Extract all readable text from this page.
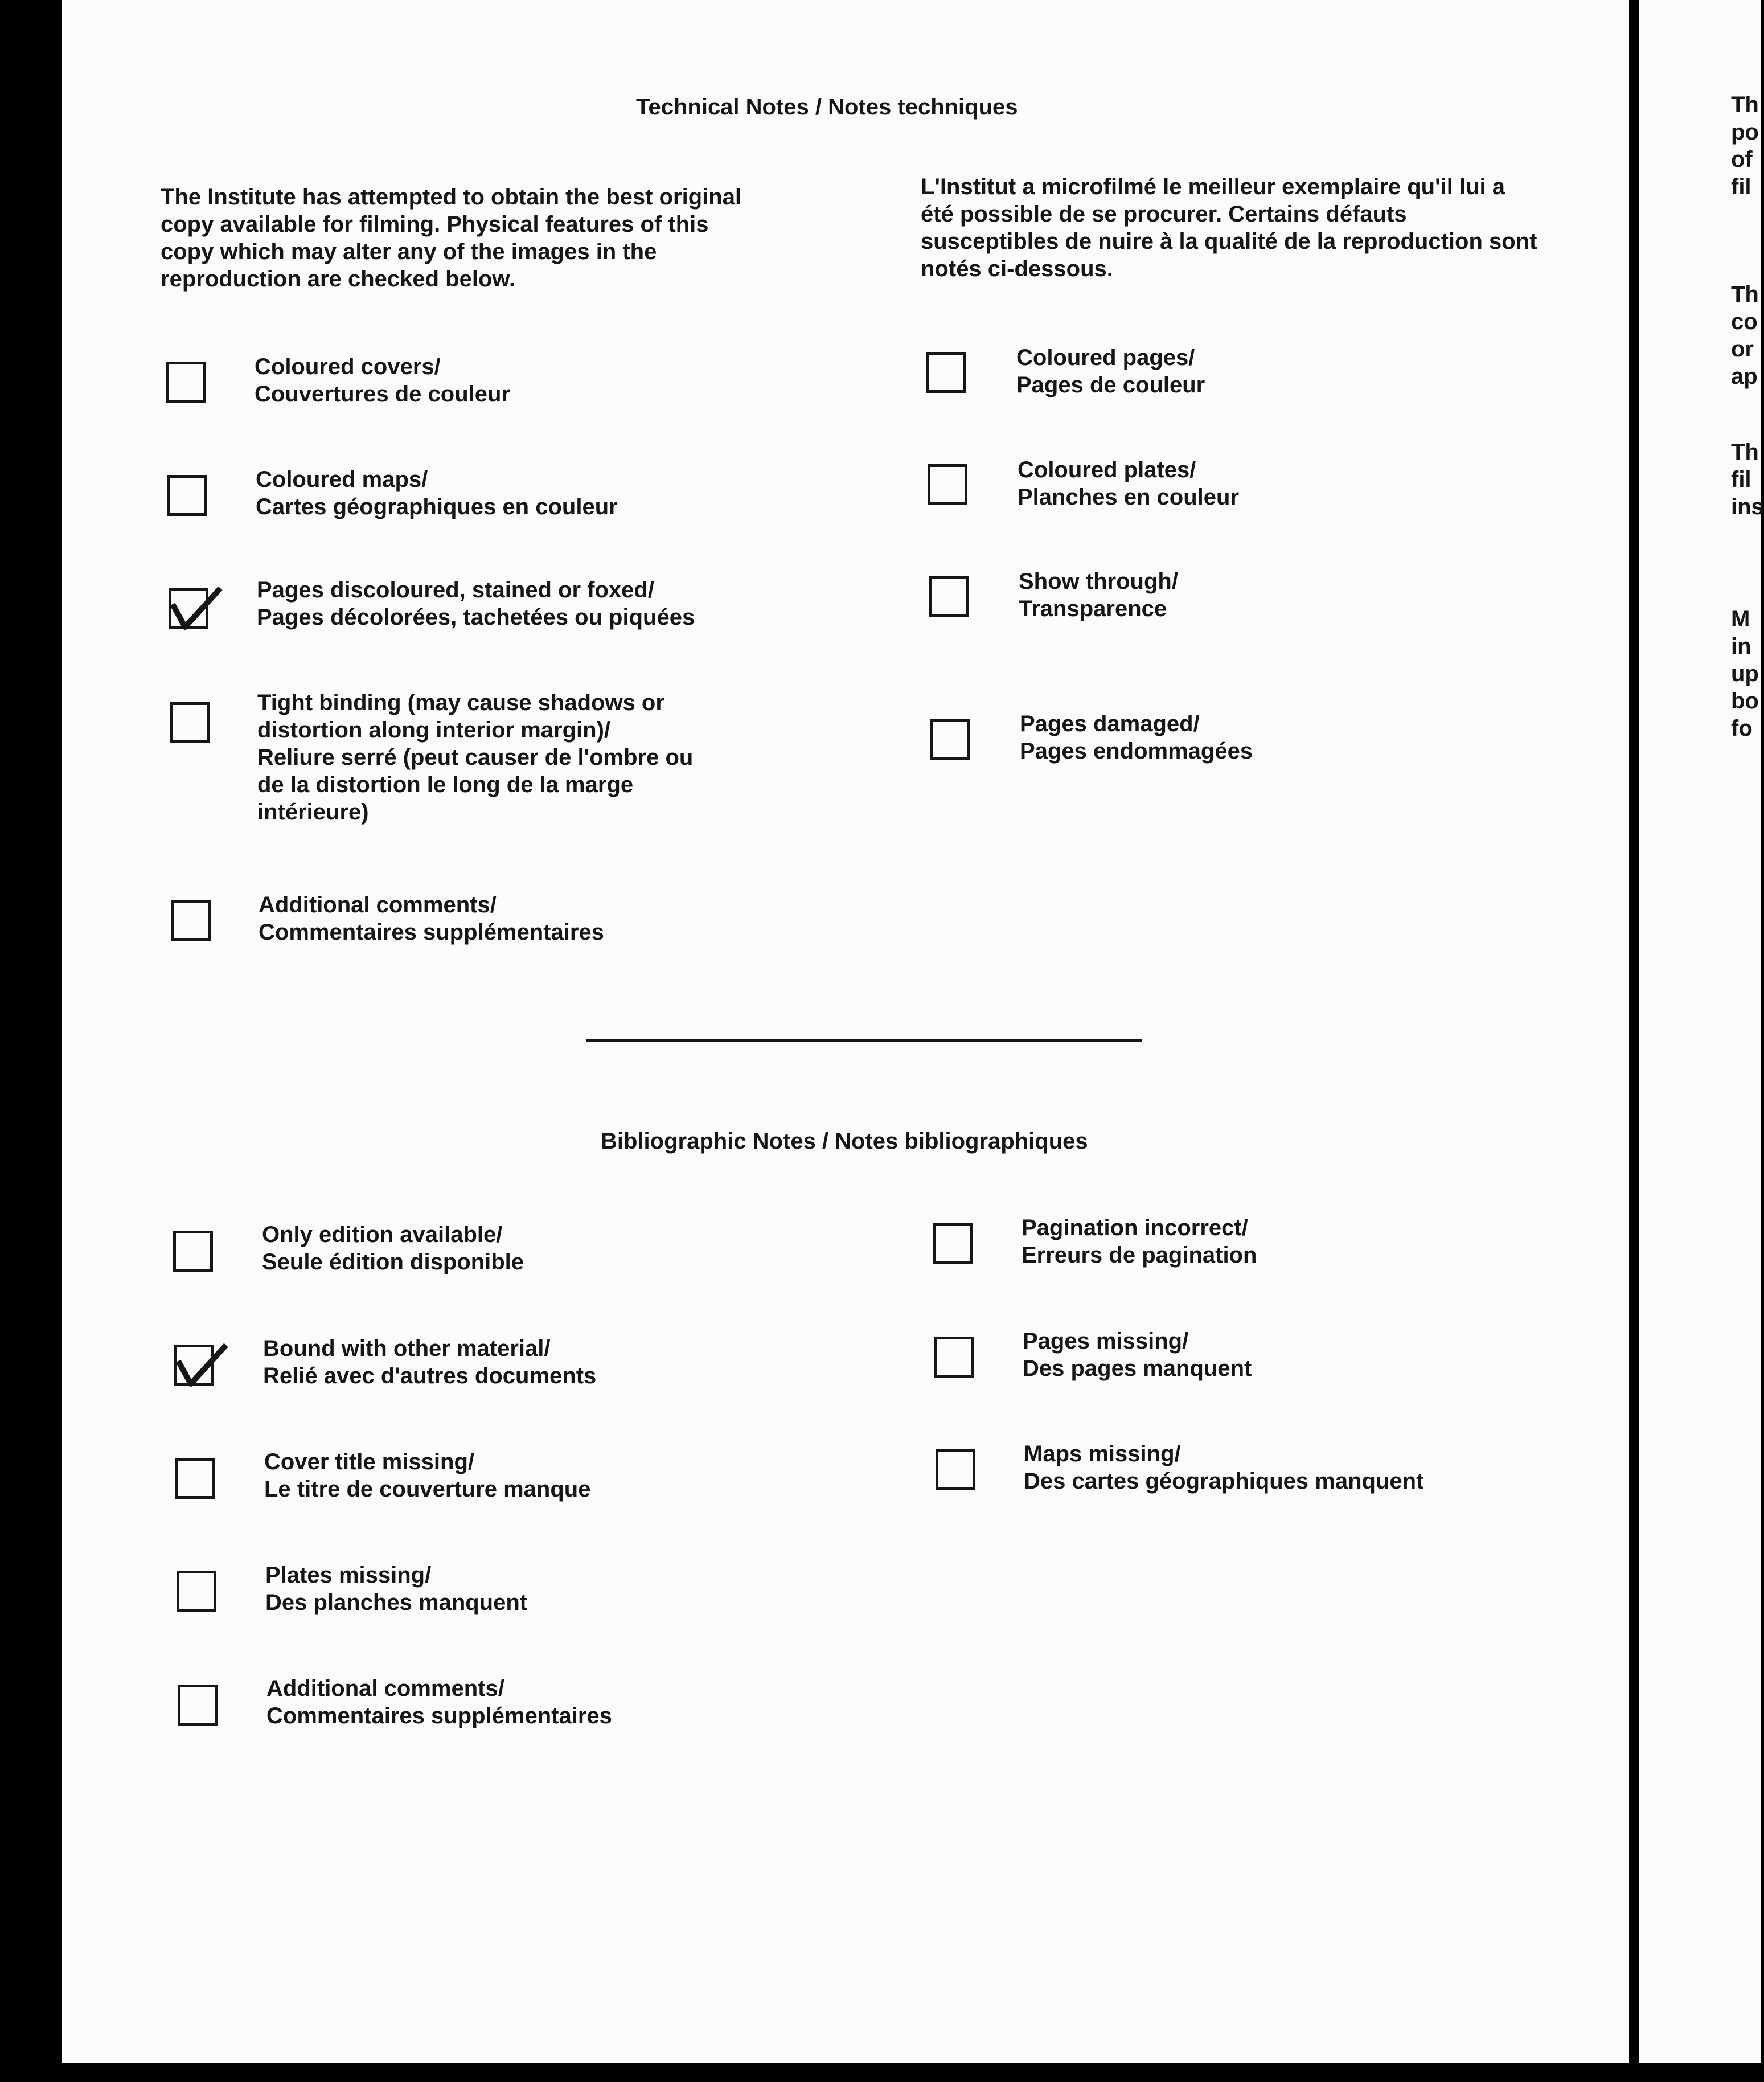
Technical Notes / Notes techniques
The Institute has attempted to obtain the best original copy available for filming. Physical features of this copy which may alter any of the images in the reproduction are checked below.
L'Institut a microfilmé le meilleur exemplaire qu'il lui a été possible de se procurer. Certains défauts susceptibles de nuire à la qualité de la reproduction sont notés ci-dessous.
Coloured covers/
Couvertures de couleur
Coloured maps/
Cartes géographiques en couleur
Pages discoloured, stained or foxed/
Pages décolorées, tachetées ou piquées
Tight binding (may cause shadows or
distortion along interior margin)/
Reliure serré (peut causer de l'ombre ou
de la distortion le long de la marge
intérieure)
Additional comments/
Commentaires supplémentaires
Coloured pages/
Pages de couleur
Coloured plates/
Planches en couleur
Show through/
Transparence
Pages damaged/
Pages endommagées
Bibliographic Notes / Notes bibliographiques
Only edition available/
Seule édition disponible
Bound with other material/
Relié avec d'autres documents
Cover title missing/
Le titre de couverture manque
Plates missing/
Des planches manquent
Additional comments/
Commentaires supplémentaires
Pagination incorrect/
Erreurs de pagination
Pages missing/
Des pages manquent
Maps missing/
Des cartes géographiques manquent
Th
po
of
fil
Th
co
or
ap
Th
fil
ins
M
in
up
bo
fo
